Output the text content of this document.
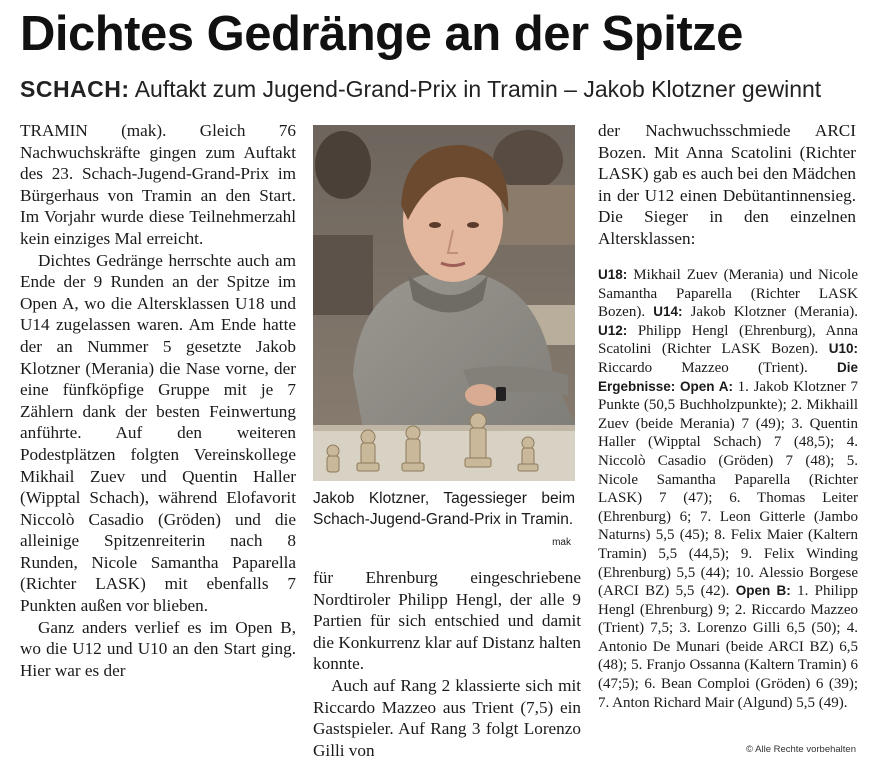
Dichtes Gedränge an der Spitze
SCHACH: Auftakt zum Jugend-Grand-Prix in Tramin – Jakob Klotzner gewinnt

TRAMIN (mak). Gleich 76 Nachwuchskräfte gingen zum Auftakt des 23. Schach-Jugend-Grand-Prix im Bürgerhaus von Tramin an den Start. Im Vorjahr wurde diese Teilnehmerzahl kein einziges Mal erreicht.

Dichtes Gedränge herrschte auch am Ende der 9 Runden an der Spitze im Open A, wo die Altersklassen U18 und U14 zugelassen waren. Am Ende hatte der an Nummer 5 gesetzte Jakob Klotzner (Merania) die Nase vorne, der eine fünfköpfige Gruppe mit je 7 Zählern dank der besten Feinwertung anführte. Auf den weiteren Podestplätzen folgten Vereinskollege Mikhail Zuev und Quentin Haller (Wipptal Schach), während Elofavorit Niccolò Casadio (Gröden) und die alleinige Spitzenreiterin nach 8 Runden, Nicole Samantha Paparella (Richter LASK) mit ebenfalls 7 Punkten außen vor blieben.

Ganz anders verlief es im Open B, wo die U12 und U10 an den Start ging. Hier war es der

Jakob Klotzner, Tagessieger beim Schach-Jugend-Grand-Prix in Tramin.
mak

für Ehrenburg eingeschriebene Nordtiroler Philipp Hengl, der alle 9 Partien für sich entschied und damit die Konkurrenz klar auf Distanz halten konnte.

Auch auf Rang 2 klassierte sich mit Riccardo Mazzeo aus Trient (7,5) ein Gastspieler. Auf Rang 3 folgt Lorenzo Gilli von

der Nachwuchsschmiede ARCI Bozen. Mit Anna Scatolini (Richter LASK) gab es auch bei den Mädchen in der U12 einen Debütantinnensieg. Die Sieger in den einzelnen Altersklassen:

U18: Mikhail Zuev (Merania) und Nicole Samantha Paparella (Richter LASK Bozen). U14: Jakob Klotzner (Merania). U12: Philipp Hengl (Ehrenburg), Anna Scatolini (Richter LASK Bozen). U10: Riccardo Mazzeo (Trient). Die Ergebnisse: Open A: 1. Jakob Klotzner 7 Punkte (50,5 Buchholzpunkte); 2. Mikhaill Zuev (beide Merania) 7 (49); 3. Quentin Haller (Wipptal Schach) 7 (48,5); 4. Niccolò Casadio (Gröden) 7 (48); 5. Nicole Samantha Paparella (Richter LASK) 7 (47); 6. Thomas Leiter (Ehrenburg) 6; 7. Leon Gitterle (Jambo Naturns) 5,5 (45); 8. Felix Maier (Kaltern Tramin) 5,5 (44,5); 9. Felix Winding (Ehrenburg) 5,5 (44); 10. Alessio Borgese (ARCI BZ) 5,5 (42). Open B: 1. Philipp Hengl (Ehrenburg) 9; 2. Riccardo Mazzeo (Trient) 7,5; 3. Lorenzo Gilli 6,5 (50); 4. Antonio De Munari (beide ARCI BZ) 6,5 (48); 5. Franjo Ossanna (Kaltern Tramin) 6 (47;5); 6. Bean Comploi (Gröden) 6 (39); 7. Anton Richard Mair (Algund) 5,5 (49).

© Alle Rechte vorbehalten
